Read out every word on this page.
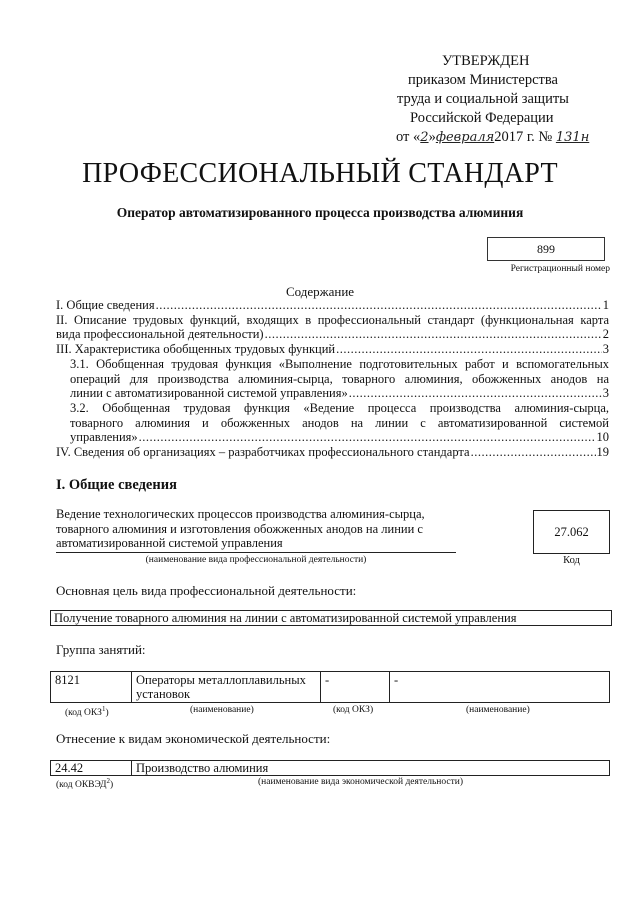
УТВЕРЖДЕН
приказом Министерства
труда и социальной защиты
Российской Федерации
от «2»февраля2017 г. № 131н
ПРОФЕССИОНАЛЬНЫЙ СТАНДАРТ
Оператор автоматизированного процесса производства алюминия
899
Регистрационный номер
Содержание
I. Общие сведения .....	1
II. Описание трудовых функций, входящих в профессиональный стандарт (функциональная карта
вида профессиональной деятельности) .....	2
III. Характеристика обобщенных трудовых функций .....	3
3.1. Обобщенная трудовая функция «Выполнение подготовительных работ и вспомогательных
операций для производства алюминия-сырца, товарного алюминия, обожженных анодов на
линии с автоматизированной системой управления» .....	3
3.2. Обобщенная трудовая функция «Ведение процесса производства алюминия-сырца,
товарного алюминия и обожженных анодов на линии с автоматизированной системой
управления» .....	10
IV. Сведения об организациях – разработчиках профессионального стандарта .....	19
I. Общие сведения
Ведение технологических процессов производства алюминия-сырца,
товарного алюминия и изготовления обожженных анодов на линии с
автоматизированной системой управления
(наименование вида профессиональной деятельности)
27.062
Код
Основная цель вида профессиональной деятельности:
Получение товарного алюминия на линии с автоматизированной системой управления
Группа занятий:
8121	Операторы металлоплавильных
установок
	-	-
(код ОКЗ$^1$)	(наименование)	(код ОКЗ)	(наименование)
Отнесение к видам экономической деятельности:
24.42	Производство алюминия
(код ОКВЭД$^2$)	(наименование вида экономической деятельности)
